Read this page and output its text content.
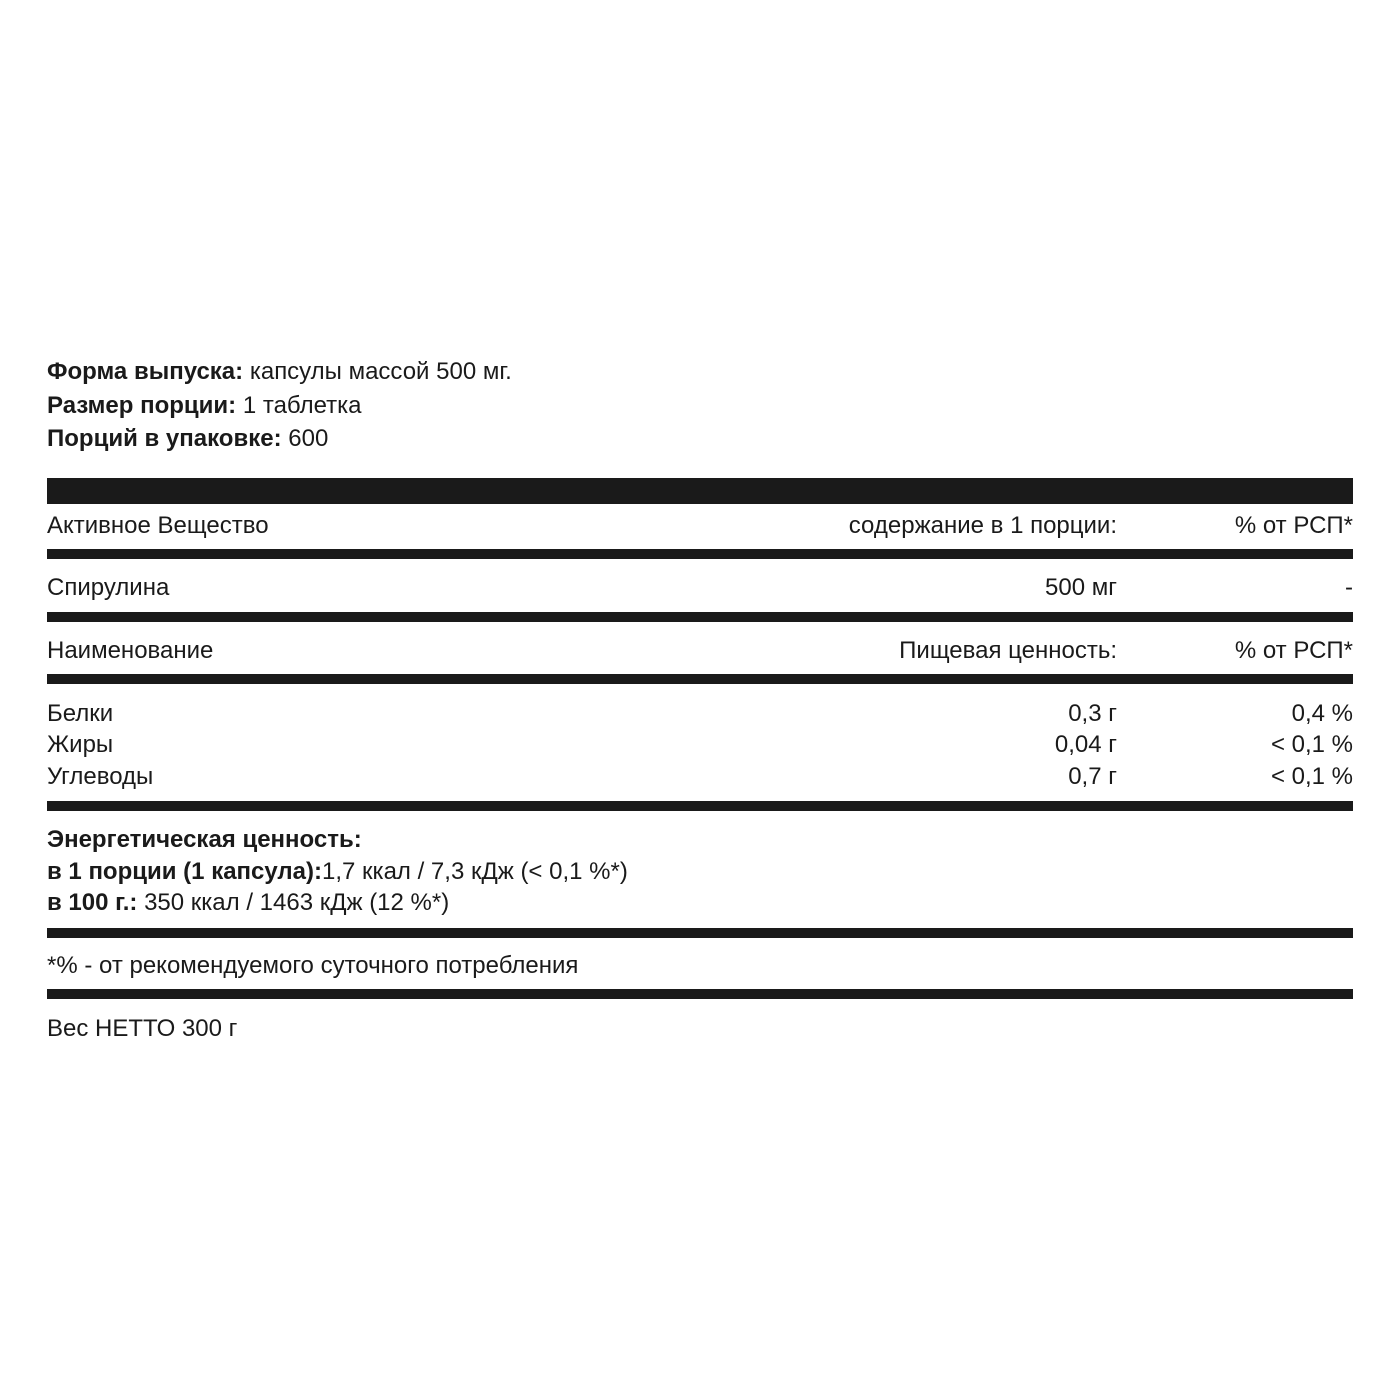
Форма выпуска: капсулы массой 500 мг.
Размер порции: 1 таблетка
Порций в упаковке: 600
Активное Вещество	содержание в 1 порции:	% от РСП*
Спирулина	500 мг	-
Наименование	Пищевая ценность:	% от РСП*
Белки	0,3 г	0,4 %
Жиры	0,04 г	< 0,1 %
Углеводы	0,7 г	< 0,1 %
Энергетическая ценность:
в 1 порции (1 капсула):1,7 ккал / 7,3 кДж (< 0,1 %*)
в 100 г.: 350 ккал / 1463 кДж (12 %*)
*% - от рекомендуемого суточного потребления
Вес НЕТТО 300 г
